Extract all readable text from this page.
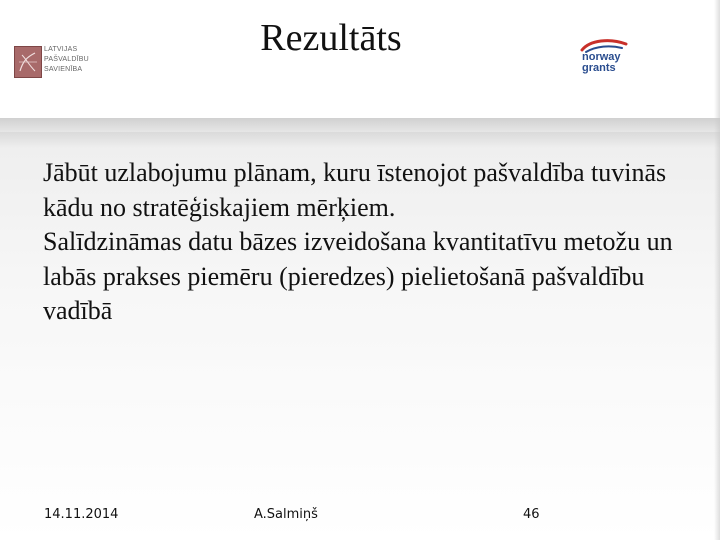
LATVIJAS
PAŠVALDĪBU
SAVIENĪBA
Rezultāts	norway
grants

Jābūt uzlabojumu plānam, kuru īstenojot pašvaldība tuvinās kādu no stratēģiskajiem mērķiem.

Salīdzināmas datu bāzes izveidošana kvantitatīvu metožu un labās prakses piemēru (pieredzes) pielietošanā pašvaldību vadībā

14.11.2014	A.Salmiņš	46
